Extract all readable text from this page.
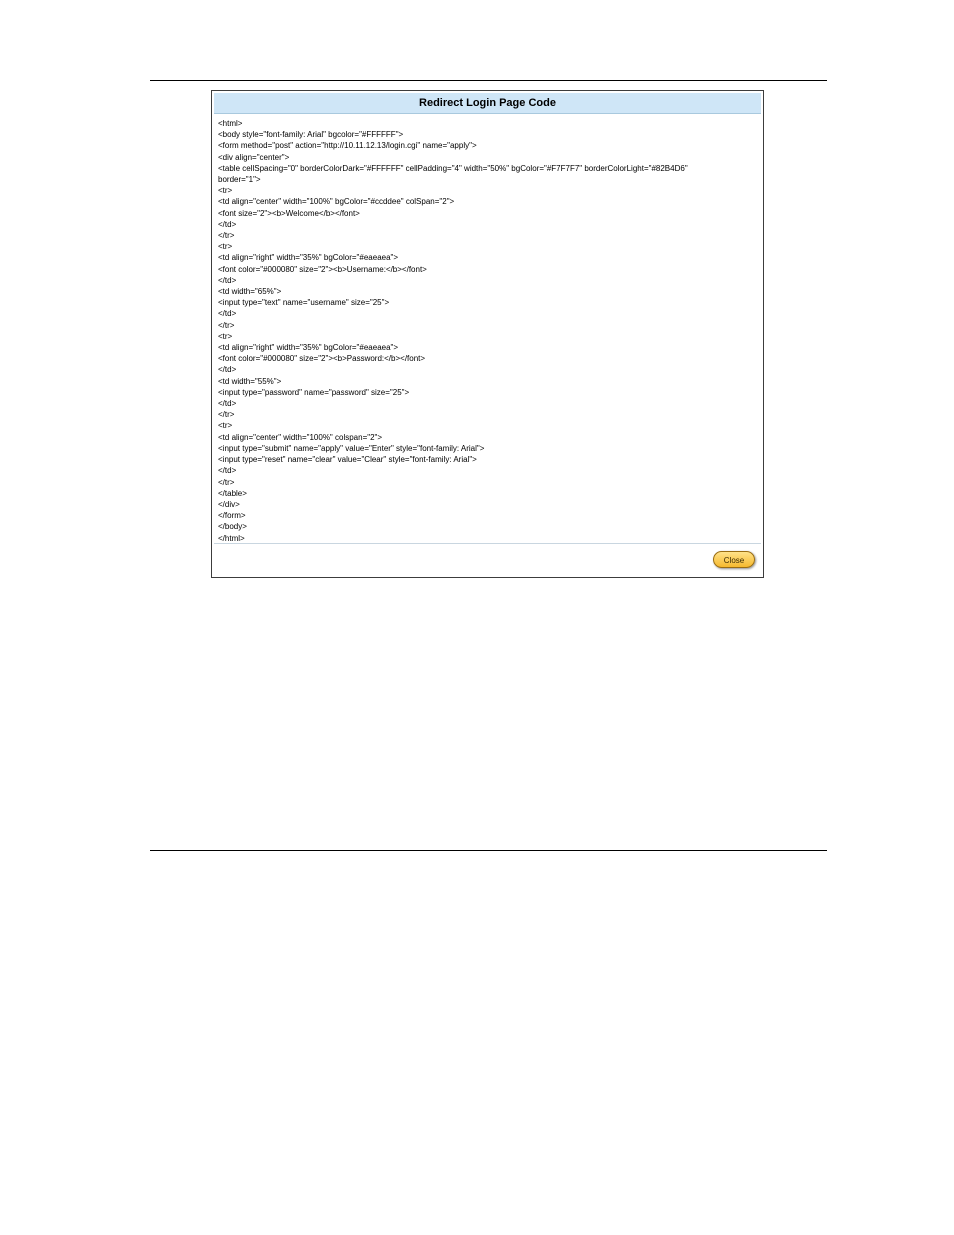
Redirect Login Page Code
<html>
<body style="font-family: Arial" bgcolor="#FFFFFF">
<form method="post" action="http://10.11.12.13/login.cgi" name="apply">
<div align="center">
<table cellSpacing="0" borderColorDark="#FFFFFF" cellPadding="4" width="50%" bgColor="#F7F7F7" borderColorLight="#82B4D6"
border="1">
<tr>
<td align="center" width="100%" bgColor="#ccddee" colSpan="2">
<font size="2"><b>Welcome</b></font>
</td>
</tr>
<tr>
<td align="right" width="35%" bgColor="#eaeaea">
<font color="#000080" size="2"><b>Username:</b></font>
</td>
<td width="65%">
<input type="text" name="username" size="25">
</td>
</tr>
<tr>
<td align="right" width="35%" bgColor="#eaeaea">
<font color="#000080" size="2"><b>Password:</b></font>
</td>
<td width="55%">
<input type="password" name="password" size="25">
</td>
</tr>
<tr>
<td align="center" width="100%" colspan="2">
<input type="submit" name="apply" value="Enter" style="font-family: Arial">
<input type="reset" name="clear" value="Clear" style="font-family: Arial">
</td>
</tr>
</table>
</div>
</form>
</body>
</html>
Close
